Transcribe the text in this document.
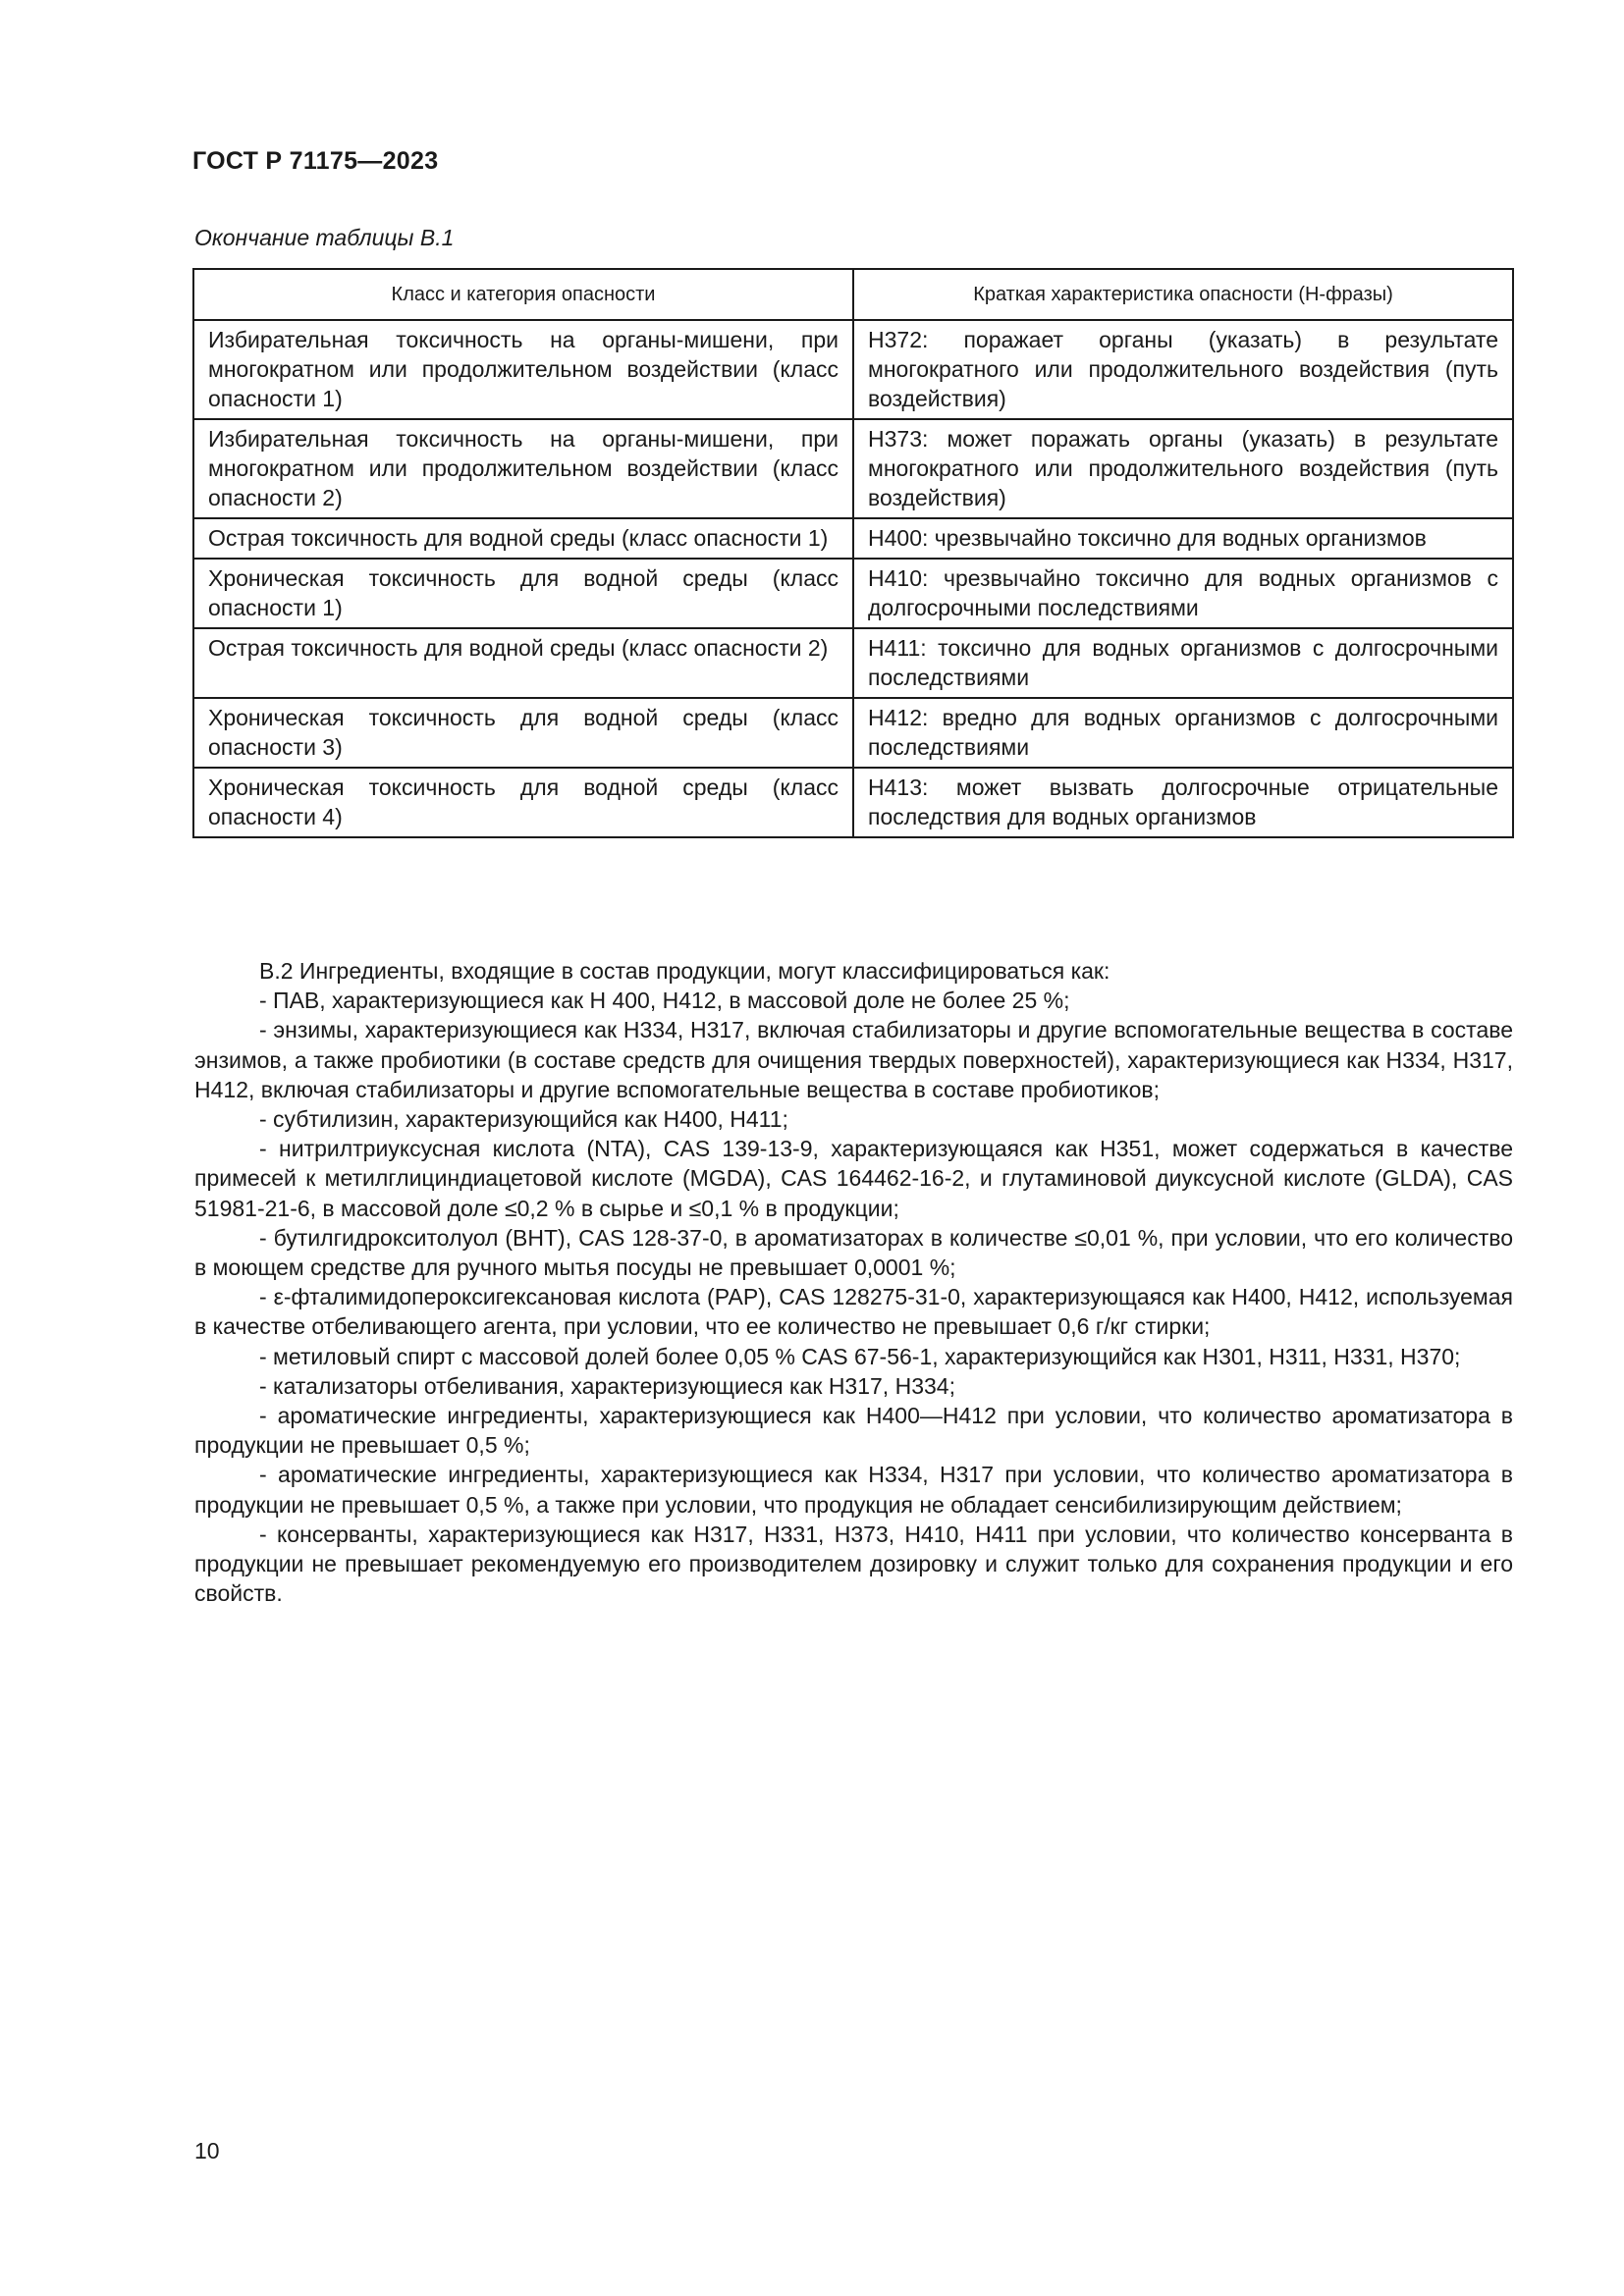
ГОСТ Р 71175—2023
Окончание таблицы В.1
Класс и категория опасности	Краткая характеристика опасности (Н-фразы)
Избирательная токсичность на органы-мишени, при многократном или продолжительном воздействии (класс опасности 1)	Н372: поражает органы (указать) в результате многократного или продолжительного воздействия (путь воздействия)
Избирательная токсичность на органы-мишени, при многократном или продолжительном воздействии (класс опасности 2)	Н373: может поражать органы (указать) в результате многократного или продолжительного воздействия (путь воздействия)
Острая токсичность для водной среды (класс опасности 1)	Н400: чрезвычайно токсично для водных организмов
Хроническая токсичность для водной среды (класс опасности 1)	Н410: чрезвычайно токсично для водных организмов с долгосрочными последствиями
Острая токсичность для водной среды (класс опасности 2)	Н411: токсично для водных организмов с долгосрочными последствиями
Хроническая токсичность для водной среды (класс опасности 3)	Н412: вредно для водных организмов с долгосрочными последствиями
Хроническая токсичность для водной среды (класс опасности 4)	Н413: может вызвать долгосрочные отрицательные последствия для водных организмов

В.2 Ингредиенты, входящие в состав продукции, могут классифицироваться как:

- ПАВ, характеризующиеся как Н 400, Н412, в массовой доле не более 25 %;

- энзимы, характеризующиеся как Н334, Н317, включая стабилизаторы и другие вспомогательные вещества в составе энзимов, а также пробиотики (в составе средств для очищения твердых поверхностей), характеризующиеся как Н334, Н317, Н412, включая стабилизаторы и другие вспомогательные вещества в составе пробиотиков;

- субтилизин, характеризующийся как Н400, Н411;

- нитрилтриуксусная кислота (NTA), CAS 139-13-9, характеризующаяся как Н351, может содержаться в качестве примесей к метилглициндиацетовой кислоте (MGDA), CAS 164462-16-2, и глутаминовой диуксусной кислоте (GLDA), CAS 51981-21-6, в массовой доле ≤0,2 % в сырье и ≤0,1 % в продукции;

- бутилгидрокситолуол (ВНТ), CAS 128-37-0, в ароматизаторах в количестве ≤0,01 %, при условии, что его количество в моющем средстве для ручного мытья посуды не превышает 0,0001 %;

- ε-фталимидопероксигексановая кислота (РАР), CAS 128275-31-0, характеризующаяся как Н400, Н412, используемая в качестве отбеливающего агента, при условии, что ее количество не превышает 0,6 г/кг стирки;

- метиловый спирт с массовой долей более 0,05 % CAS 67-56-1, характеризующийся как Н301, Н311, Н331, Н370;

- катализаторы отбеливания, характеризующиеся как Н317, Н334;

- ароматические ингредиенты, характеризующиеся как Н400—Н412 при условии, что количество ароматизатора в продукции не превышает 0,5 %;

- ароматические ингредиенты, характеризующиеся как Н334, Н317 при условии, что количество ароматизатора в продукции не превышает 0,5 %, а также при условии, что продукция не обладает сенсибилизирующим действием;

- консерванты, характеризующиеся как Н317, Н331, Н373, Н410, Н411 при условии, что количество консерванта в продукции не превышает рекомендуемую его производителем дозировку и служит только для сохранения продукции и его свойств.

10
